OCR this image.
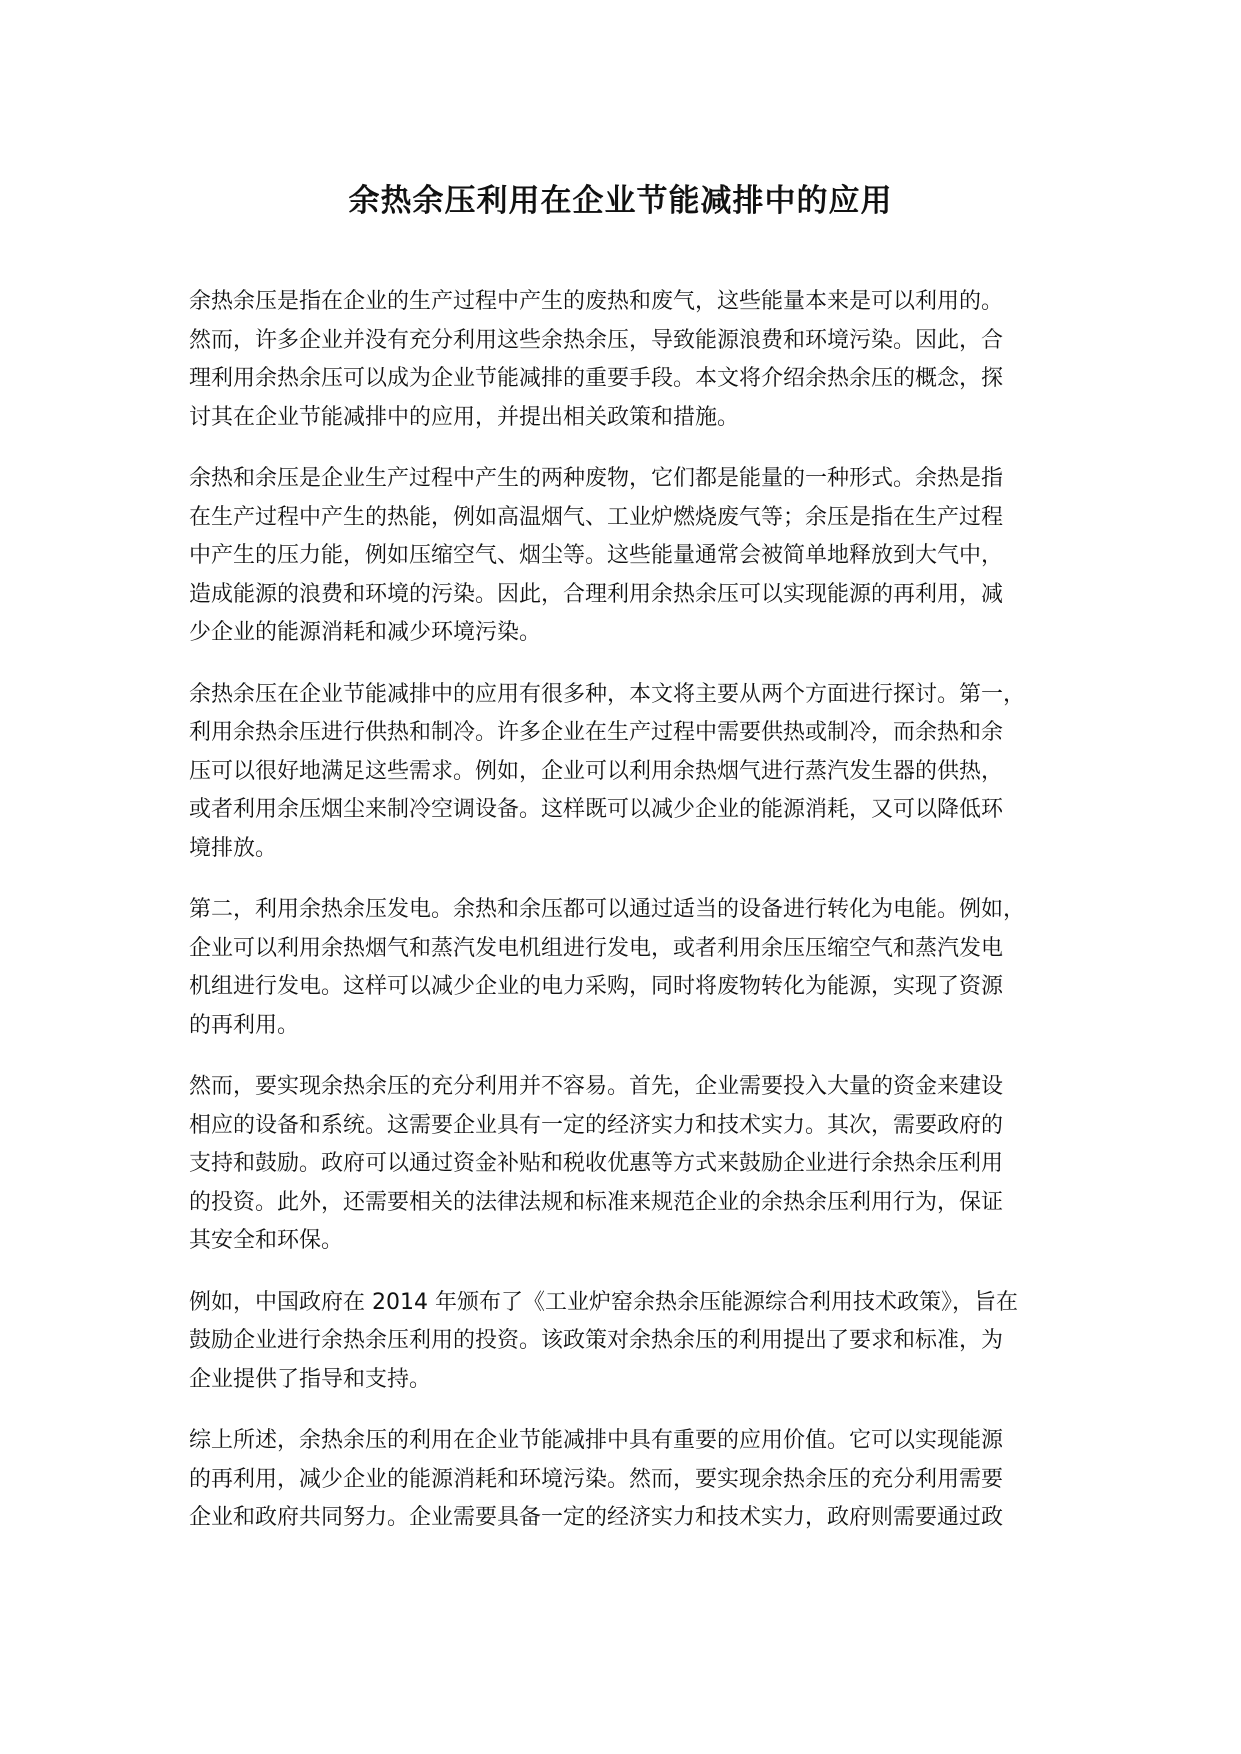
余热余压利用在企业节能减排中的应用

余热余压是指在企业的生产过程中产生的废热和废气，这些能量本来是可以利用的。
然而，许多企业并没有充分利用这些余热余压，导致能源浪费和环境污染。因此，合
理利用余热余压可以成为企业节能减排的重要手段。本文将介绍余热余压的概念，探
讨其在企业节能减排中的应用，并提出相关政策和措施。

余热和余压是企业生产过程中产生的两种废物，它们都是能量的一种形式。余热是指
在生产过程中产生的热能，例如高温烟气、工业炉燃烧废气等；余压是指在生产过程
中产生的压力能，例如压缩空气、烟尘等。这些能量通常会被简单地释放到大气中，
造成能源的浪费和环境的污染。因此，合理利用余热余压可以实现能源的再利用，减
少企业的能源消耗和减少环境污染。

余热余压在企业节能减排中的应用有很多种，本文将主要从两个方面进行探讨。第一，
利用余热余压进行供热和制冷。许多企业在生产过程中需要供热或制冷，而余热和余
压可以很好地满足这些需求。例如，企业可以利用余热烟气进行蒸汽发生器的供热，
或者利用余压烟尘来制冷空调设备。这样既可以减少企业的能源消耗，又可以降低环
境排放。

第二，利用余热余压发电。余热和余压都可以通过适当的设备进行转化为电能。例如，
企业可以利用余热烟气和蒸汽发电机组进行发电，或者利用余压压缩空气和蒸汽发电
机组进行发电。这样可以减少企业的电力采购，同时将废物转化为能源，实现了资源
的再利用。

然而，要实现余热余压的充分利用并不容易。首先，企业需要投入大量的资金来建设
相应的设备和系统。这需要企业具有一定的经济实力和技术实力。其次，需要政府的
支持和鼓励。政府可以通过资金补贴和税收优惠等方式来鼓励企业进行余热余压利用
的投资。此外，还需要相关的法律法规和标准来规范企业的余热余压利用行为，保证
其安全和环保。

例如，中国政府在 2014 年颁布了《工业炉窑余热余压能源综合利用技术政策》，旨在
鼓励企业进行余热余压利用的投资。该政策对余热余压的利用提出了要求和标准，为
企业提供了指导和支持。

综上所述，余热余压的利用在企业节能减排中具有重要的应用价值。它可以实现能源
的再利用，减少企业的能源消耗和环境污染。然而，要实现余热余压的充分利用需要
企业和政府共同努力。企业需要具备一定的经济实力和技术实力，政府则需要通过政
